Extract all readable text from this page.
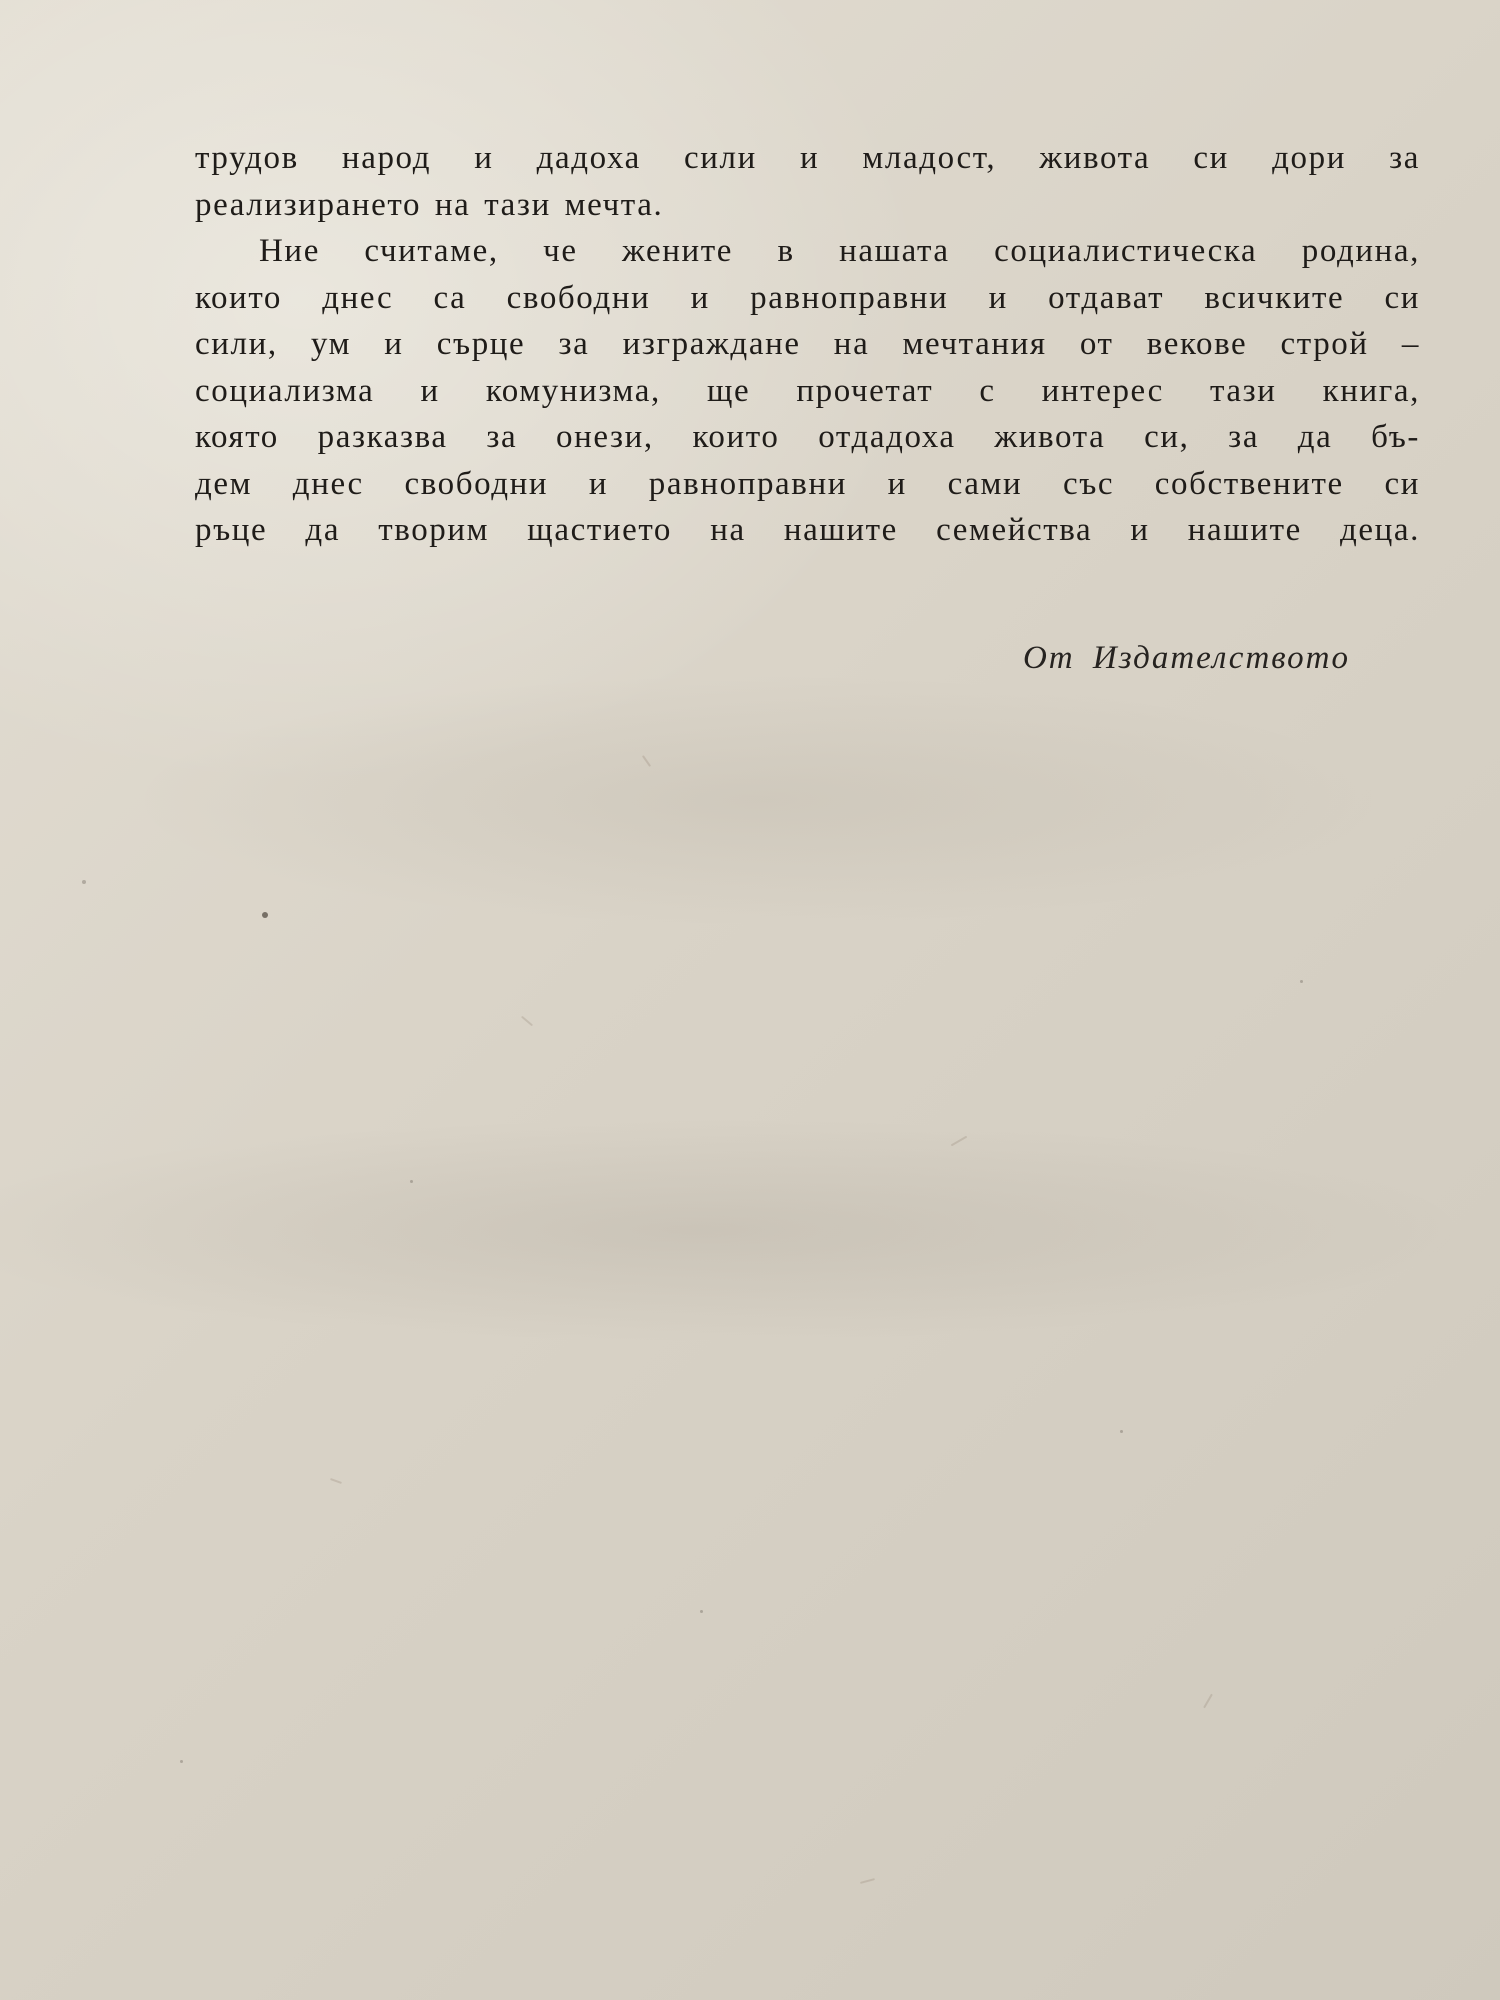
трудов народ и дадоха сили и младост, живота си дори за
реализирането на тази мечта.
Ние считаме, че жените в нашата социалистическа родина,
които днес са свободни и равноправни и отдават всичките си
сили, ум и сърце за изграждане на мечтания от векове строй –
социализма и комунизма, ще прочетат с интерес тази книга,
която разказва за онези, които отдадоха живота си, за да бъ-
дем днес свободни и равноправни и сами със собствените си
ръце да творим щастието на нашите семейства и нашите деца.
От Издателството
